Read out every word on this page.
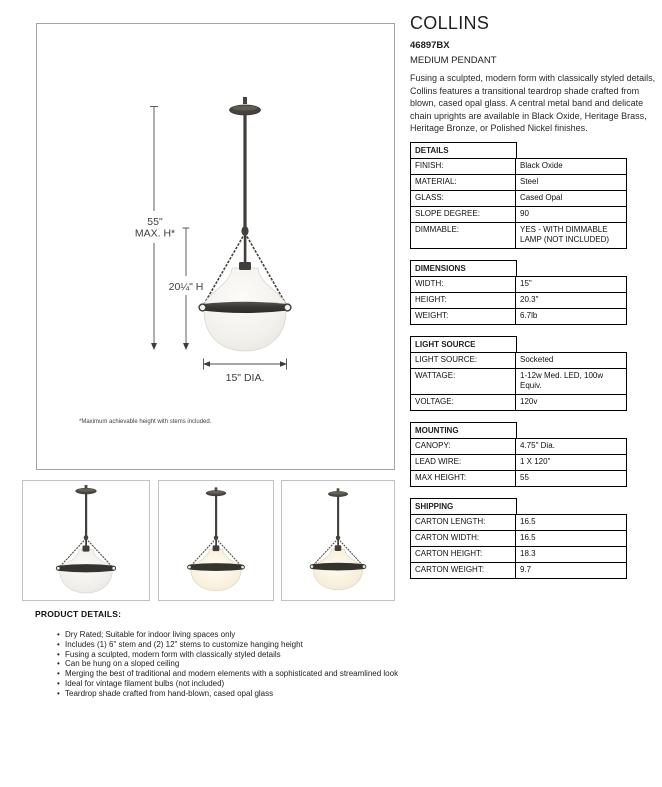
55"
MAX. H*
20¼" H
15" DIA.
*Maximum achievable height with stems included.
COLLINS
46897BX
MEDIUM PENDANT
Fusing a sculpted, modern form with classically styled details, Collins features a transitional teardrop shade crafted from blown, cased opal glass. A central metal band and delicate chain uprights are available in Black Oxide, Heritage Brass, Heritage Bronze, or Polished Nickel finishes.
DETAILS
FINISH:	Black Oxide
MATERIAL:	Steel
GLASS:	Cased Opal
SLOPE DEGREE:	90
DIMMABLE:	YES - WITH DIMMABLE LAMP (NOT INCLUDED)
DIMENSIONS
WIDTH:	15"
HEIGHT:	20.3"
WEIGHT:	6.7lb
LIGHT SOURCE
LIGHT SOURCE:	Socketed
WATTAGE:	1-12w Med. LED, 100w Equiv.
VOLTAGE:	120v
MOUNTING
CANOPY:	4.75" Dia.
LEAD WIRE:	1 X 120"
MAX HEIGHT:	55
SHIPPING
CARTON LENGTH:	16.5
CARTON WIDTH:	16.5
CARTON HEIGHT:	18.3
CARTON WEIGHT:	9.7
PRODUCT DETAILS:
• Dry Rated; Suitable for indoor living spaces only
• Includes (1) 6" stem and (2) 12" stems to customize hanging height
• Fusing a sculpted, modern form with classically styled details
• Can be hung on a sloped ceiling
• Merging the best of traditional and modern elements with a sophisticated and streamlined look
• Ideal for vintage filament bulbs (not included)
• Teardrop shade crafted from hand-blown, cased opal glass
